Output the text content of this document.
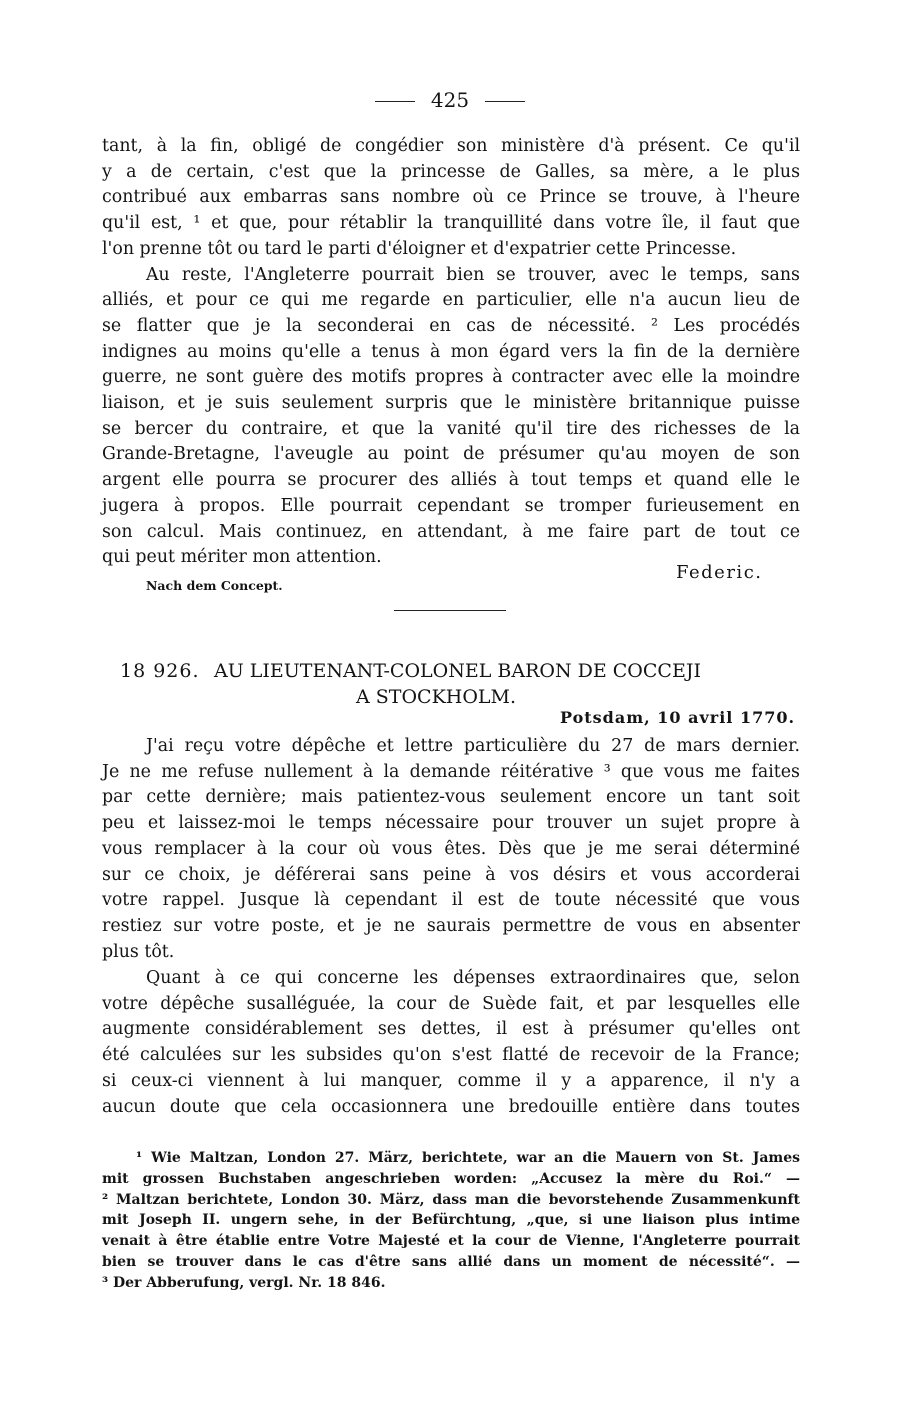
425
tant, à la fin, obligé de congédier son ministère d'à présent. Ce qu'il
y a de certain, c'est que la princesse de Galles, sa mère, a le plus
contribué aux embarras sans nombre où ce Prince se trouve, à l'heure
qu'il est, ¹ et que, pour rétablir la tranquillité dans votre île, il faut que
l'on prenne tôt ou tard le parti d'éloigner et d'expatrier cette Princesse.
Au reste, l'Angleterre pourrait bien se trouver, avec le temps, sans
alliés, et pour ce qui me regarde en particulier, elle n'a aucun lieu de
se flatter que je la seconderai en cas de nécessité. ² Les procédés
indignes au moins qu'elle a tenus à mon égard vers la fin de la dernière
guerre, ne sont guère des motifs propres à contracter avec elle la moindre
liaison, et je suis seulement surpris que le ministère britannique puisse
se bercer du contraire, et que la vanité qu'il tire des richesses de la
Grande-Bretagne, l'aveugle au point de présumer qu'au moyen de son
argent elle pourra se procurer des alliés à tout temps et quand elle le
jugera à propos. Elle pourrait cependant se tromper furieusement en
son calcul. Mais continuez, en attendant, à me faire part de tout ce
qui peut mériter mon attention.
Federic.
Nach dem Concept.
18 926. AU LIEUTENANT-COLONEL BARON DE COCCEJI
A STOCKHOLM.
Potsdam, 10 avril 1770.
J'ai reçu votre dépêche et lettre particulière du 27 de mars dernier.
Je ne me refuse nullement à la demande réitérative ³ que vous me faites
par cette dernière; mais patientez-vous seulement encore un tant soit
peu et laissez-moi le temps nécessaire pour trouver un sujet propre à
vous remplacer à la cour où vous êtes. Dès que je me serai déterminé
sur ce choix, je déférerai sans peine à vos désirs et vous accorderai
votre rappel. Jusque là cependant il est de toute nécessité que vous
restiez sur votre poste, et je ne saurais permettre de vous en absenter
plus tôt.
Quant à ce qui concerne les dépenses extraordinaires que, selon
votre dépêche susalléguée, la cour de Suède fait, et par lesquelles elle
augmente considérablement ses dettes, il est à présumer qu'elles ont
été calculées sur les subsides qu'on s'est flatté de recevoir de la France;
si ceux-ci viennent à lui manquer, comme il y a apparence, il n'y a
aucun doute que cela occasionnera une bredouille entière dans toutes
¹ Wie Maltzan, London 27. März, berichtete, war an die Mauern von St. James
mit grossen Buchstaben angeschrieben worden: „Accusez la mère du Roi.“ —
² Maltzan berichtete, London 30. März, dass man die bevorstehende Zusammenkunft
mit Joseph II. ungern sehe, in der Befürchtung, „que, si une liaison plus intime
venait à être établie entre Votre Majesté et la cour de Vienne, l'Angleterre pourrait
bien se trouver dans le cas d'être sans allié dans un moment de nécessité“. —
³ Der Abberufung, vergl. Nr. 18 846.
